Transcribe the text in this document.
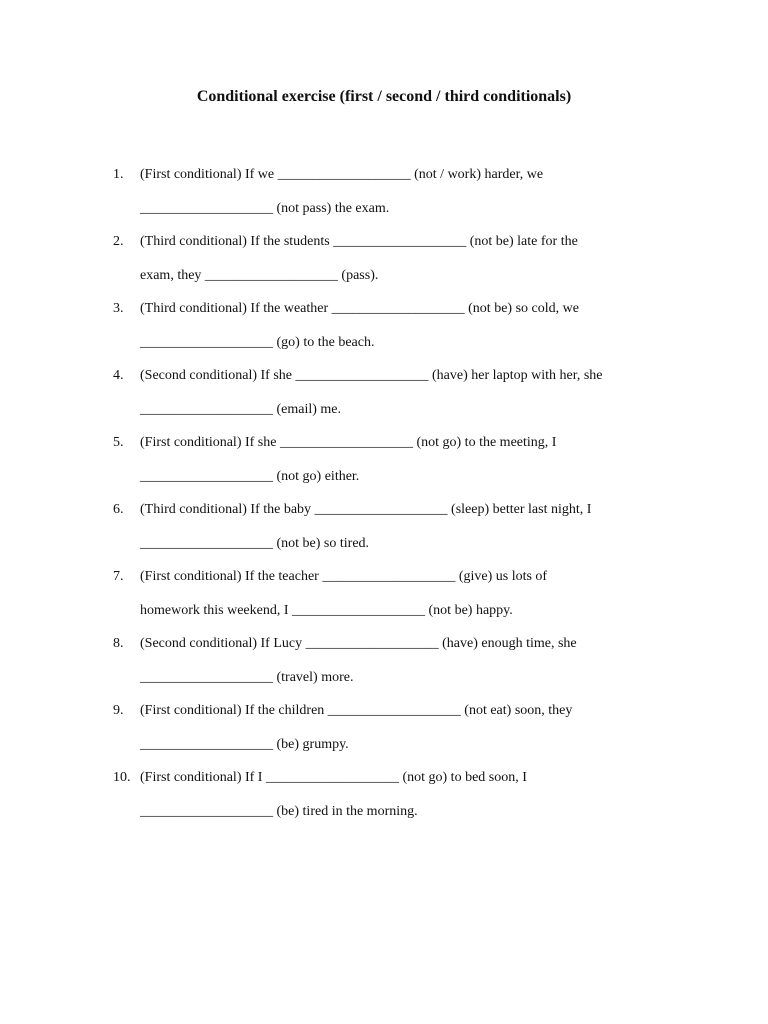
Conditional exercise (first / second / third conditionals)
1.	(First conditional) If we ___________________ (not / work) harder, we
___________________ (not pass) the exam.
2.	(Third conditional) If the students ___________________ (not be) late for the
exam, they ___________________ (pass).
3.	(Third conditional) If the weather ___________________ (not be) so cold, we
___________________ (go) to the beach.
4.	(Second conditional) If she ___________________ (have) her laptop with her, she
___________________ (email) me.
5.	(First conditional) If she ___________________ (not go) to the meeting, I
___________________ (not go) either.
6.	(Third conditional) If the baby ___________________ (sleep) better last night, I
___________________ (not be) so tired.
7.	(First conditional) If the teacher ___________________ (give) us lots of
homework this weekend, I ___________________ (not be) happy.
8.	(Second conditional) If Lucy ___________________ (have) enough time, she
___________________ (travel) more.
9.	(First conditional) If the children ___________________ (not eat) soon, they
___________________ (be) grumpy.
10. (First conditional) If I ___________________ (not go) to bed soon, I
___________________ (be) tired in the morning.
